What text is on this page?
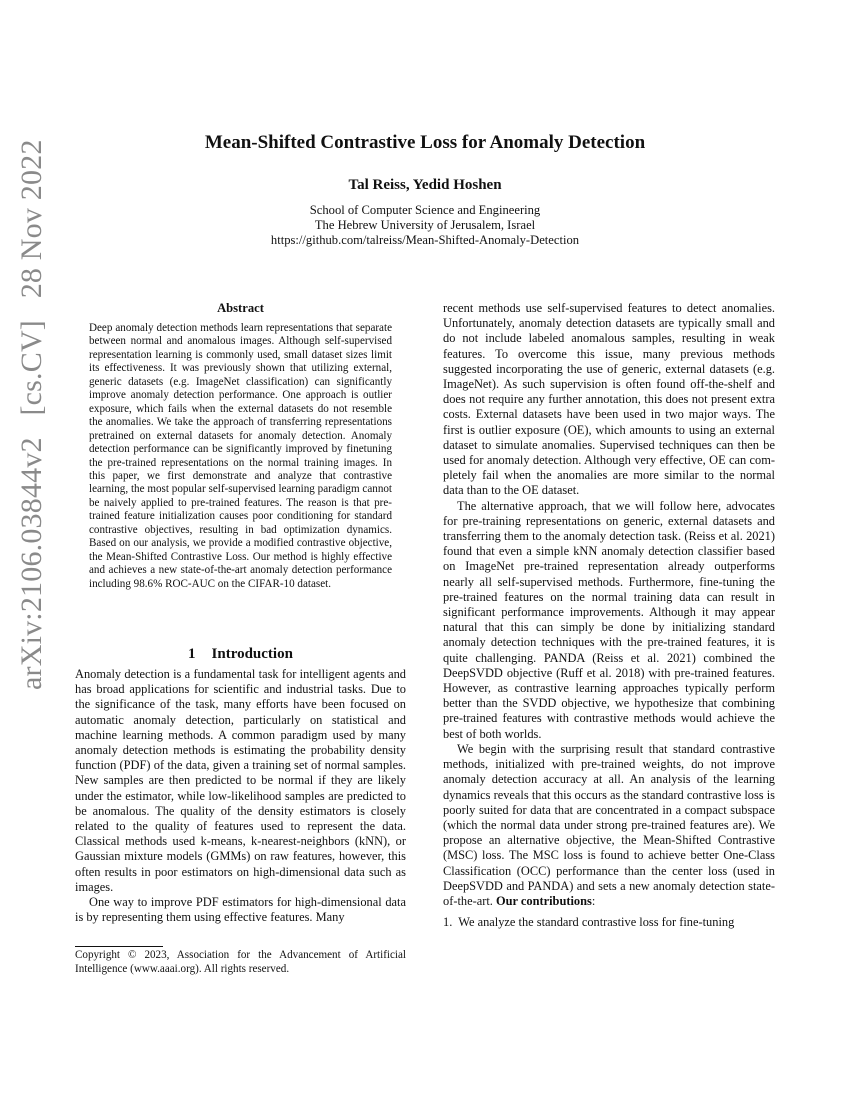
Mean-Shifted Contrastive Loss for Anomaly Detection
Tal Reiss, Yedid Hoshen
School of Computer Science and Engineering
The Hebrew University of Jerusalem, Israel
https://github.com/talreiss/Mean-Shifted-Anomaly-Detection
arXiv:2106.03844v2 [cs.CV] 28 Nov 2022
Abstract

Deep anomaly detection methods learn representations that separate between normal and anomalous images. Although self-supervised representation learning is commonly used, small dataset sizes limit its effectiveness. It was previously shown that utilizing external, generic datasets (e.g. ImageNet classification) can significantly improve anomaly detection performance. One approach is outlier exposure, which fails when the external datasets do not resemble the anomalies. We take the approach of transferring representations pretrained on external datasets for anomaly detection. Anomaly detection performance can be significantly improved by finetuning the pre-trained representations on the normal training images. In this paper, we first demonstrate and analyze that contrastive learning, the most popular self-supervised learning paradigm cannot be naively applied to pre-trained features. The reason is that pre-trained feature initialization causes poor conditioning for standard contrastive objectives, resulting in bad optimization dynamics. Based on our analysis, we provide a modified contrastive objective, the Mean-Shifted Contrastive Loss. Our method is highly effective and achieves a new state-of-the-art anomaly detection performance including 98.6% ROC-AUC on the CIFAR-10 dataset.

1 Introduction

Anomaly detection is a fundamental task for intelligent agents and has broad applications for scientific and industrial tasks. Due to the significance of the task, many efforts have been focused on automatic anomaly detection, particularly on statistical and machine learning methods. A common paradigm used by many anomaly detection methods is estimating the probability density function (PDF) of the data, given a training set of normal samples. New samples are then predicted to be normal if they are likely under the estimator, while low-likelihood samples are predicted to be anomalous. The quality of the density estimators is closely related to the quality of features used to represent the data. Classical methods used k-means, k-nearest-neighbors (kNN), or Gaussian mixture models (GMMs) on raw features, however, this often results in poor estimators on high-dimensional data such as images.

One way to improve PDF estimators for high-dimensional data is by representing them using effective features. Many

Copyright © 2023, Association for the Advancement of Artificial Intelligence (www.aaai.org). All rights reserved.

recent methods use self-supervised features to detect anomalies. Unfortunately, anomaly detection datasets are typically small and do not include labeled anomalous samples, resulting in weak features. To overcome this issue, many previous methods suggested incorporating the use of generic, external datasets (e.g. ImageNet). As such supervision is often found off-the-shelf and does not require any further annotation, this does not present extra costs. External datasets have been used in two major ways. The first is outlier exposure (OE), which amounts to using an external dataset to simulate anomalies. Supervised techniques can then be used for anomaly detection. Although very effective, OE can completely fail when the anomalies are more similar to the normal data than to the OE dataset.

The alternative approach, that we will follow here, advocates for pre-training representations on generic, external datasets and transferring them to the anomaly detection task. (Reiss et al. 2021) found that even a simple kNN anomaly detection classifier based on ImageNet pre-trained representation already outperforms nearly all self-supervised methods. Furthermore, fine-tuning the pre-trained features on the normal training data can result in significant performance improvements. Although it may appear natural that this can simply be done by initializing standard anomaly detection techniques with the pre-trained features, it is quite challenging. PANDA (Reiss et al. 2021) combined the DeepSVDD objective (Ruff et al. 2018) with pre-trained features. However, as contrastive learning approaches typically perform better than the SVDD objective, we hypothesize that combining pre-trained features with contrastive methods would achieve the best of both worlds.

We begin with the surprising result that standard contrastive methods, initialized with pre-trained weights, do not improve anomaly detection accuracy at all. An analysis of the learning dynamics reveals that this occurs as the standard contrastive loss is poorly suited for data that are concentrated in a compact subspace (which the normal data under strong pre-trained features are). We propose an alternative objective, the Mean-Shifted Contrastive (MSC) loss. The MSC loss is found to achieve better One-Class Classification (OCC) performance than the center loss (used in DeepSVDD and PANDA) and sets a new anomaly detection state-of-the-art. Our contributions:

1. We analyze the standard contrastive loss for fine-tuning
